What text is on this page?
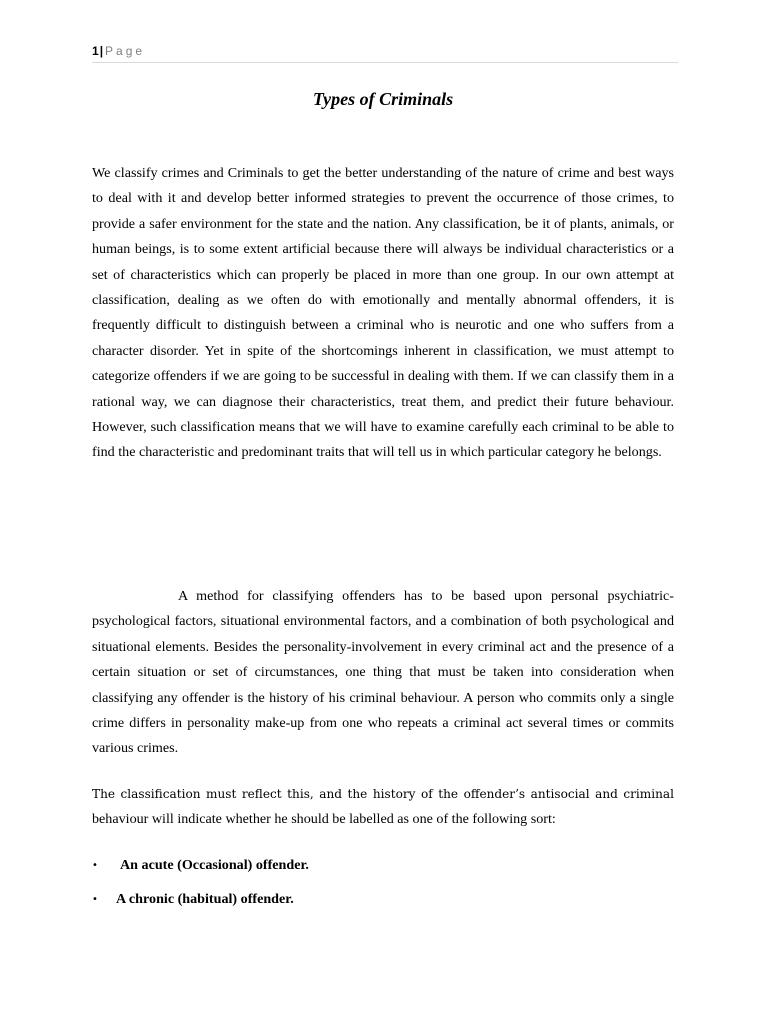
1| Page
Types of Criminals

We classify crimes and Criminals to get the better understanding of the nature of crime and best ways to deal with it and develop better informed strategies to prevent the occurrence of those crimes, to provide a safer environment for the state and the nation. Any classification, be it of plants, animals, or human beings, is to some extent artificial because there will always be individual characteristics or a set of characteristics which can properly be placed in more than one group. In our own attempt at classification, dealing as we often do with emotionally and mentally abnormal offenders, it is frequently difficult to distinguish between a criminal who is neurotic and one who suffers from a character disorder. Yet in spite of the shortcomings inherent in classification, we must attempt to categorize offenders if we are going to be successful in dealing with them. If we can classify them in a rational way, we can diagnose their characteristics, treat them, and predict their future behaviour. However, such classification means that we will have to examine carefully each criminal to be able to find the characteristic and predominant traits that will tell us in which particular category he belongs.

A method for classifying offenders has to be based upon personal psychiatric-psychological factors, situational environmental factors, and a combination of both psychological and situational elements. Besides the personality-involvement in every criminal act and the presence of a certain situation or set of circumstances, one thing that must be taken into consideration when classifying any offender is the history of his criminal behaviour. A person who commits only a single crime differs in personality make-up from one who repeats a criminal act several times or commits various crimes.

The classification must reflect this, and the history of the offender’s antisocial and criminal behaviour will indicate whether he should be labelled as one of the following sort:

• An acute (Occasional) offender.
• A chronic (habitual) offender.
